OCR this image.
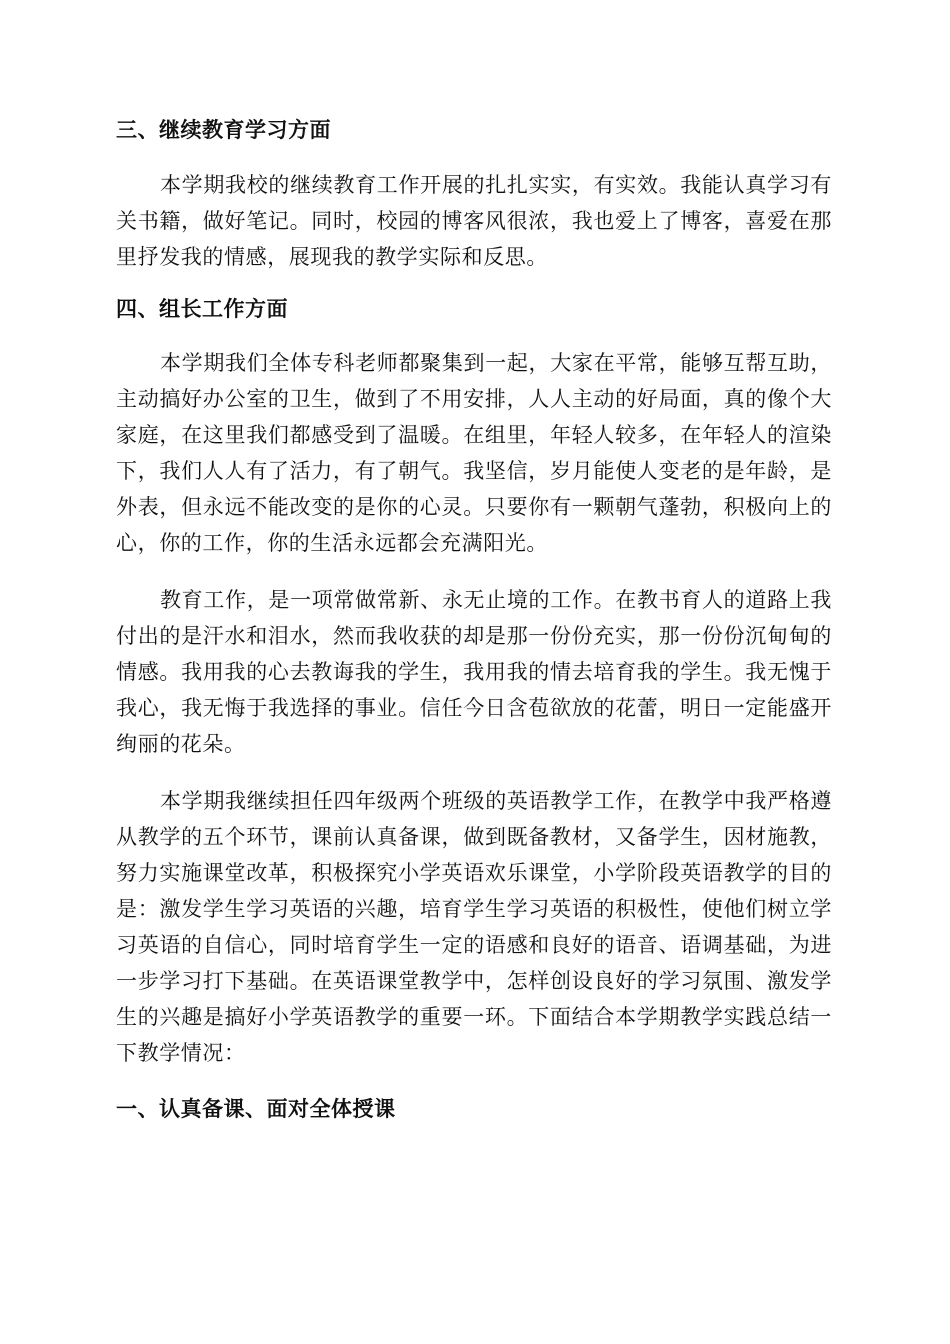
三、继续教育学习方面

本学期我校的继续教育工作开展的扎扎实实，有实效。我能认真学习有关书籍，做好笔记。同时，校园的博客风很浓，我也爱上了博客，喜爱在那里抒发我的情感，展现我的教学实际和反思。

四、组长工作方面

本学期我们全体专科老师都聚集到一起，大家在平常，能够互帮互助，主动搞好办公室的卫生，做到了不用安排，人人主动的好局面，真的像个大家庭，在这里我们都感受到了温暖。在组里，年轻人较多，在年轻人的渲染下，我们人人有了活力，有了朝气。我坚信，岁月能使人变老的是年龄，是外表，但永远不能改变的是你的心灵。只要你有一颗朝气蓬勃，积极向上的心，你的工作，你的生活永远都会充满阳光。

教育工作，是一项常做常新、永无止境的工作。在教书育人的道路上我付出的是汗水和泪水，然而我收获的却是那一份份充实，那一份份沉甸甸的情感。我用我的心去教诲我的学生，我用我的情去培育我的学生。我无愧于我心，我无悔于我选择的事业。信任今日含苞欲放的花蕾，明日一定能盛开绚丽的花朵。

本学期我继续担任四年级两个班级的英语教学工作，在教学中我严格遵从教学的五个环节，课前认真备课，做到既备教材，又备学生，因材施教，努力实施课堂改革，积极探究小学英语欢乐课堂，小学阶段英语教学的目的是：激发学生学习英语的兴趣，培育学生学习英语的积极性，使他们树立学习英语的自信心，同时培育学生一定的语感和良好的语音、语调基础，为进一步学习打下基础。在英语课堂教学中，怎样创设良好的学习氛围、激发学生的兴趣是搞好小学英语教学的重要一环。下面结合本学期教学实践总结一下教学情况：

一、认真备课、面对全体授课
